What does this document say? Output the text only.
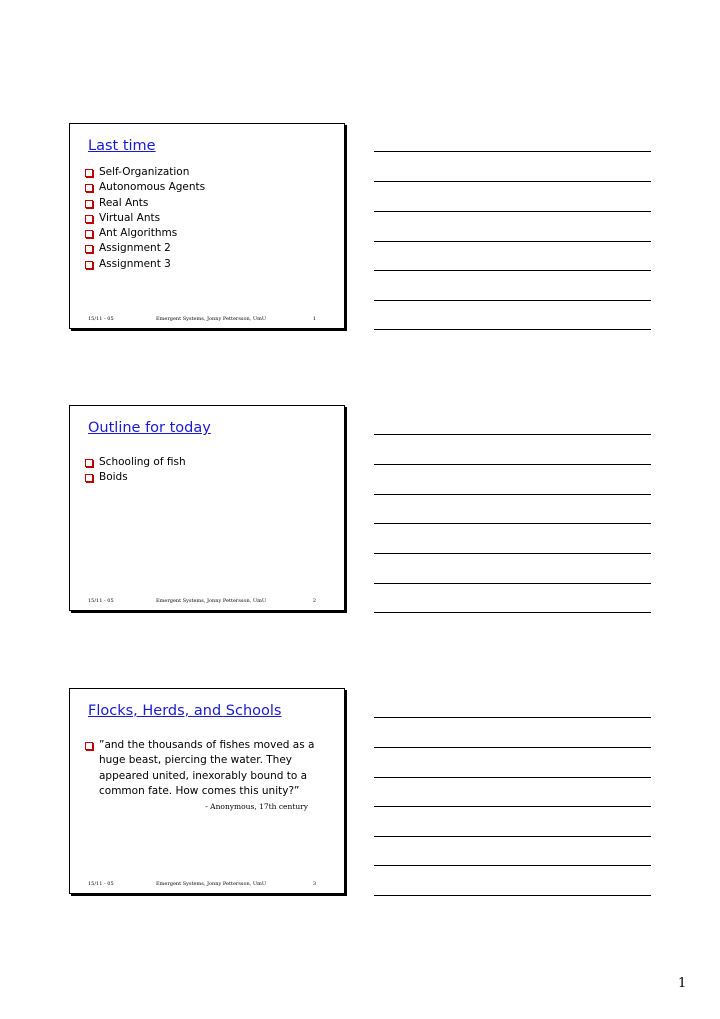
Last time
Self-Organization
Autonomous Agents
Real Ants
Virtual Ants
Ant Algorithms
Assignment 2
Assignment 3
15/11 - 05	Emergent Systems, Jonny Pettersson, UmU	1
Outline for today
Schooling of fish
Boids
15/11 - 05	Emergent Systems, Jonny Pettersson, UmU	2
Flocks, Herds, and Schools
”and the thousands of fishes moved as a huge beast, piercing the water. They appeared united, inexorably bound to a common fate. How comes this unity?”
- Anonymous, 17th century
15/11 - 05	Emergent Systems, Jonny Pettersson, UmU	3
1
